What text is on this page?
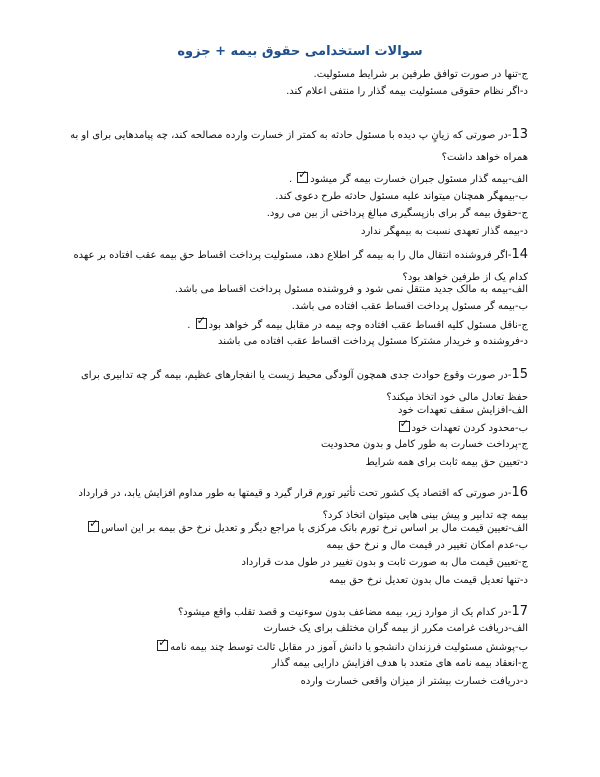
سوالات استخدامی حقوق بیمه + جزوه
ج-تنها در صورت توافق طرفین بر شرایط مسئولیت.
د-اگر نظام حقوقی مسئولیت بیمه گذار را منتفی اعلام کند.
13-در صورتی که زیانٍ پ دیده با مسئول حادثه به کمتر از خسارت وارده مصالحه کند، چه پیامدهایی برای او به همراه خواهد داشت؟
الف-بیمه گذار مسئول جبران خسارت بیمه گر میشود✓ .
ب-بیمهگر همچنان میتواند علیه مسئول حادثه طرح دعوی کند.
ج-حقوق بیمه گر برای بازپسگیری مبالغ پرداختی از بین می رود.
د-بیمه گذار تعهدی نسبت به بیمهگر ندارد
14-اگر فروشنده انتقال مال را به بیمه گر اطلاع دهد، مسئولیت پرداخت اقساط حق بیمه عقب افتاده بر عهده کدام یک از طرفین خواهد بود؟
الف-بیمه به مالک جدید منتقل نمی شود و فروشنده مسئول پرداخت اقساط می باشد.
ب-بیمه گر مسئول پرداخت اقساط عقب افتاده می باشد.
ج-ناقل مسئول کلیه اقساط عقب افتاده وجه بیمه در مقابل بیمه گر خواهد بود✓ .
د-فروشنده و خریدار مشترکا مسئول پرداخت اقساط عقب افتاده می باشند
15-در صورت وقوع حوادث جدی همچون آلودگی محیط زیست یا انفجارهای عظیم، بیمه گر چه تدابیری برای حفظ تعادل مالی خود اتخاذ میکند؟
الف-افزایش سقف تعهدات خود
ب-محدود کردن تعهدات خود✓
ج-پرداخت خسارت به طور کامل و بدون محدودیت
د-تعیین حق بیمه ثابت برای همه شرایط
16-در صورتی که اقتصاد یک کشور تحت تأثیر تورم قرار گیرد و قیمتها به طور مداوم افزایش یابد، در قرارداد بیمه چه تدابیر و پیش بینی هایی میتوان اتخاذ کرد؟
الف-تعیین قیمت مال بر اساس نرخ تورم بانک مرکزی یا مراجع دیگر و تعدیل نرخ حق بیمه بر این اساس✓
ب-عدم امکان تغییر در قیمت مال و نرخ حق بیمه
ج-تعیین قیمت مال به صورت ثابت و بدون تغییر در طول مدت قرارداد
د-تنها تعدیل قیمت مال بدون تعدیل نرخ حق بیمه
17-در کدام یک از موارد زیر، بیمه مضاعف بدون سوءنیت و قصد تقلب واقع میشود؟
الف-دریافت غرامت مکرر از بیمه گران مختلف برای یک خسارت
ب-پوشش مسئولیت فرزندان دانشجو یا دانش آموز در مقابل ثالث توسط چند بیمه نامه✓
ج-انعقاد بیمه نامه های متعدد با هدف افزایش دارایی بیمه گذار
د-دریافت خسارت بیشتر از میزان واقعی خسارت وارده
